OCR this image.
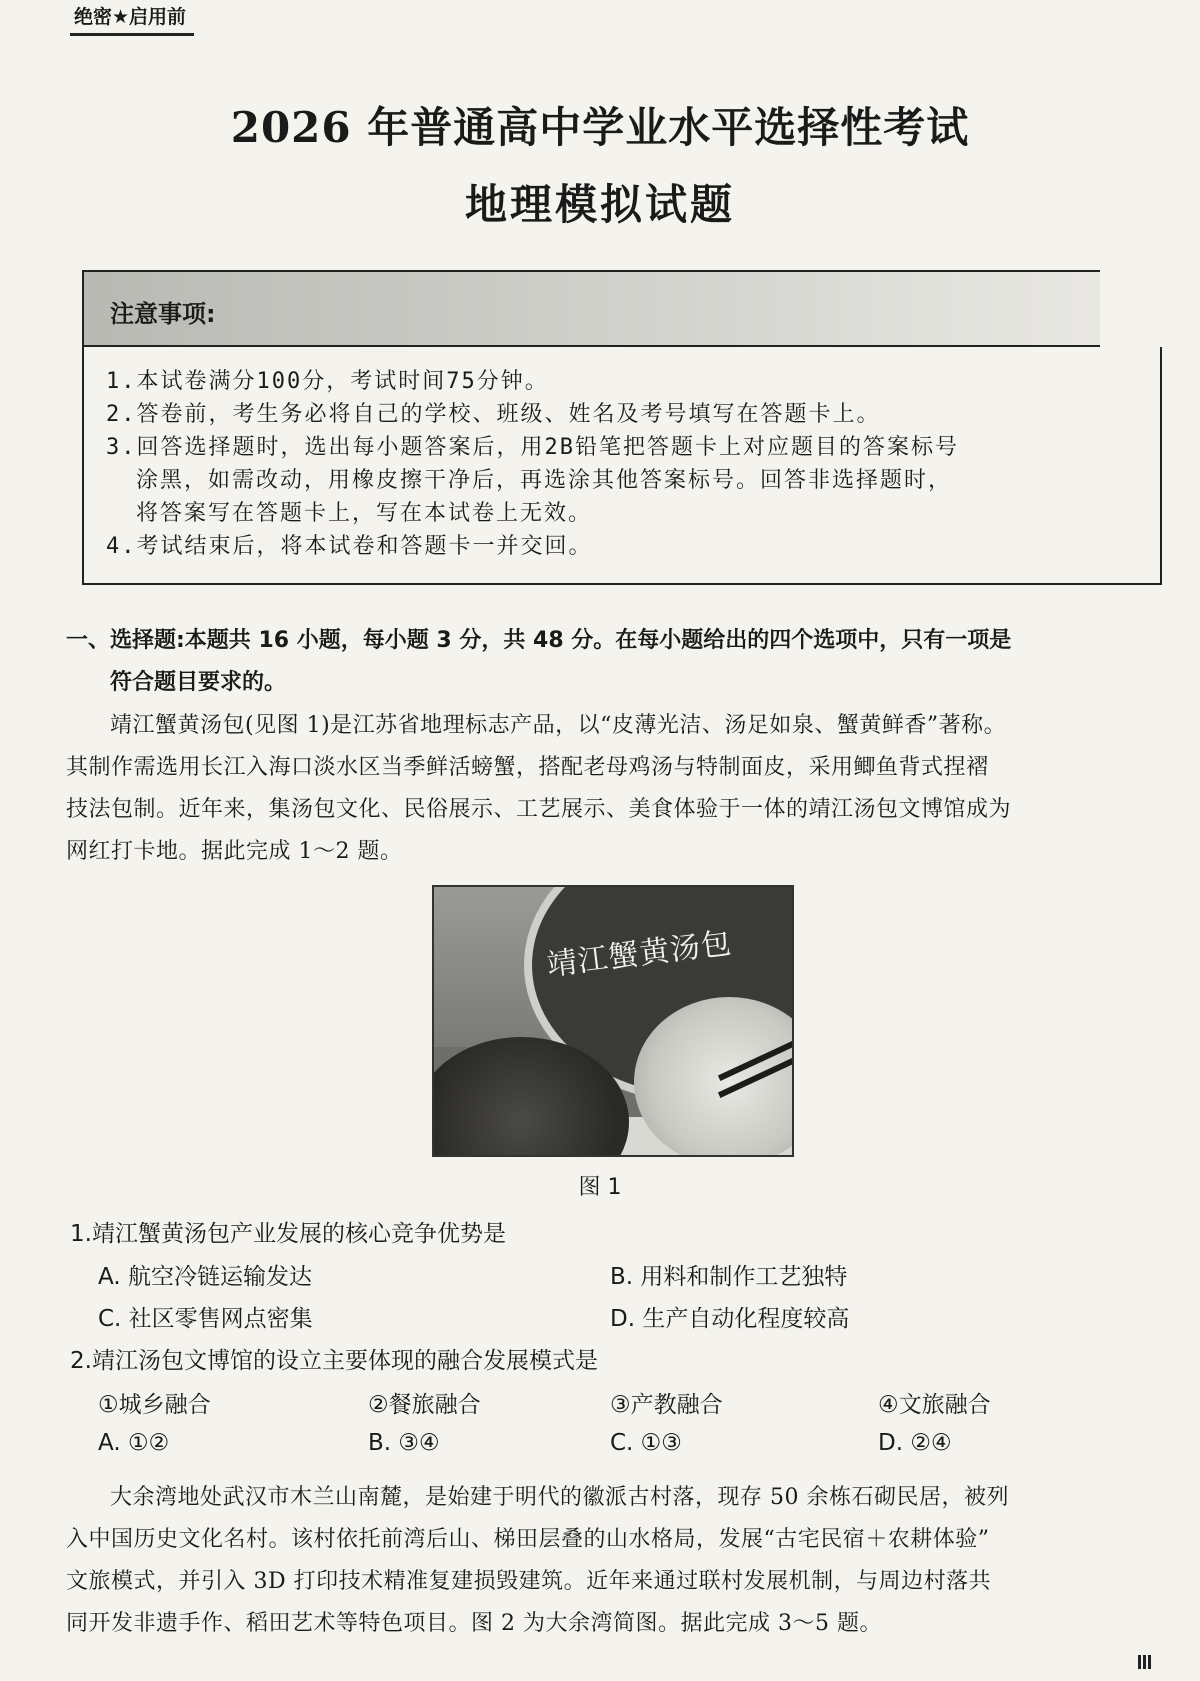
绝密★启用前
2026 年普通高中学业水平选择性考试
地理模拟试题
注意事项:
1.本试卷满分100分，考试时间75分钟。
2.答卷前，考生务必将自己的学校、班级、姓名及考号填写在答题卡上。
3.回答选择题时，选出每小题答案后，用2B铅笔把答题卡上对应题目的答案标号
涂黑，如需改动，用橡皮擦干净后，再选涂其他答案标号。回答非选择题时，
将答案写在答题卡上，写在本试卷上无效。
4.考试结束后，将本试卷和答题卡一并交回。
一、选择题:本题共 16 小题，每小题 3 分，共 48 分。在每小题给出的四个选项中，只有一项是
符合题目要求的。
靖江蟹黄汤包(见图 1)是江苏省地理标志产品，以“皮薄光洁、汤足如泉、蟹黄鲜香”著称。
其制作需选用长江入海口淡水区当季鲜活螃蟹，搭配老母鸡汤与特制面皮，采用鲫鱼背式捏褶
技法包制。近年来，集汤包文化、民俗展示、工艺展示、美食体验于一体的靖江汤包文博馆成为
网红打卡地。据此完成 1～2 题。
靖江蟹黄汤包
图 1
1.靖江蟹黄汤包产业发展的核心竞争优势是
A. 航空冷链运输发达	B. 用料和制作工艺独特
C. 社区零售网点密集	D. 生产自动化程度较高
2.靖江汤包文博馆的设立主要体现的融合发展模式是
①城乡融合	②餐旅融合	③产教融合	④文旅融合
A. ①②	B. ③④	C. ①③	D. ②④
大余湾地处武汉市木兰山南麓，是始建于明代的徽派古村落，现存 50 余栋石砌民居，被列
入中国历史文化名村。该村依托前湾后山、梯田层叠的山水格局，发展“古宅民宿＋农耕体验”
文旅模式，并引入 3D 打印技术精准复建损毁建筑。近年来通过联村发展机制，与周边村落共
同开发非遗手作、稻田艺术等特色项目。图 2 为大余湾简图。据此完成 3～5 题。
